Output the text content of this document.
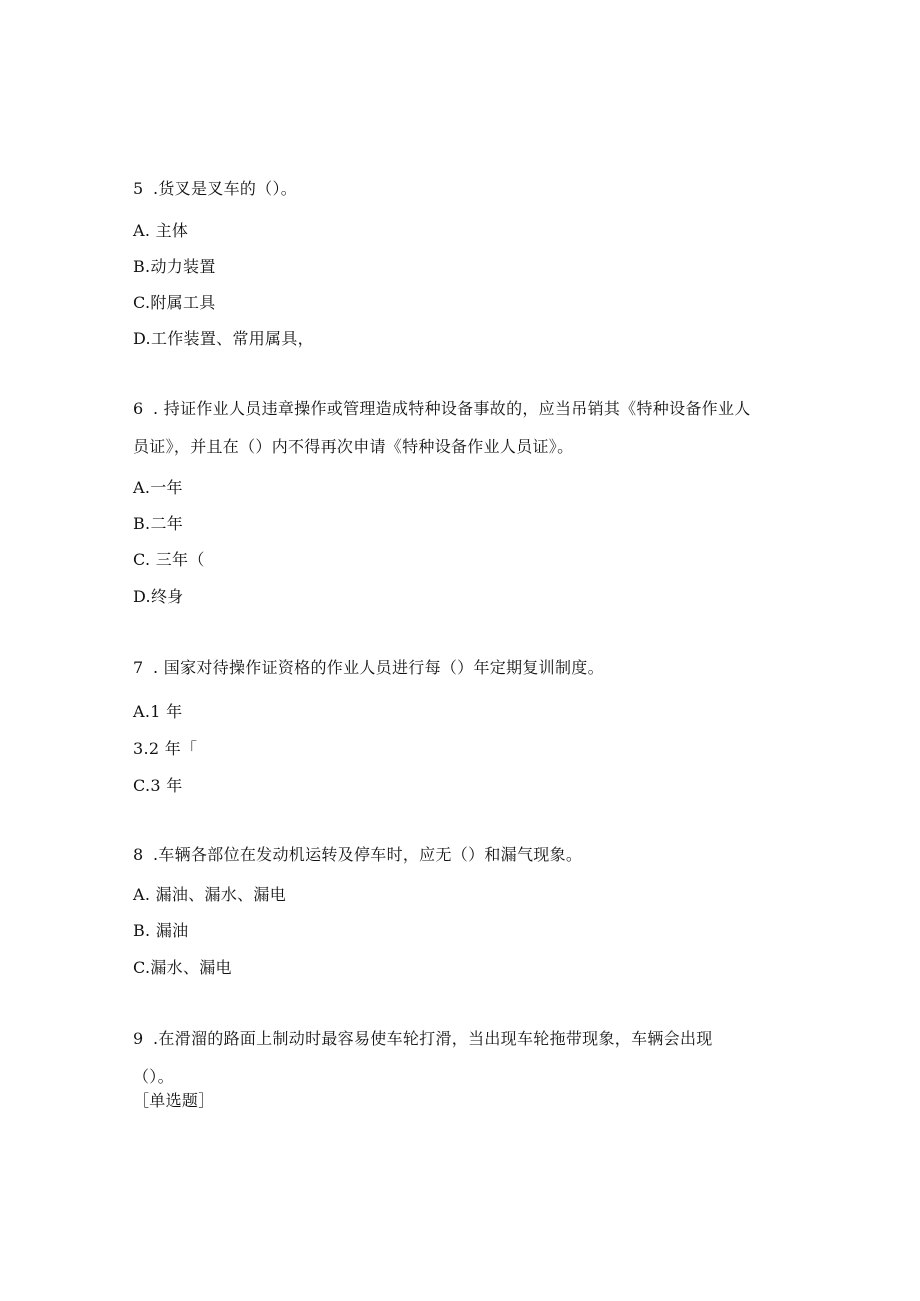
5 .货叉是叉车的（）。
A. 主体
B.动力装置
C.附属工具
D.工作装置、常用属具，
6 . 持证作业人员违章操作或管理造成特种设备事故的，应当吊销其《特种设备作业人
员证》，并且在（）内不得再次申请《特种设备作业人员证》。
A.一年
B.二年
C. 三年（
D.终身
7 . 国家对待操作证资格的作业人员进行每（）年定期复训制度。
A.1 年
3.2 年「
C.3 年
8 .车辆各部位在发动机运转及停车时，应无（）和漏气现象。
A. 漏油、漏水、漏电
B. 漏油
C.漏水、漏电
9 .在滑溜的路面上制动时最容易使车轮打滑，当出现车轮拖带现象，车辆会出现
（）。
［单选题］
